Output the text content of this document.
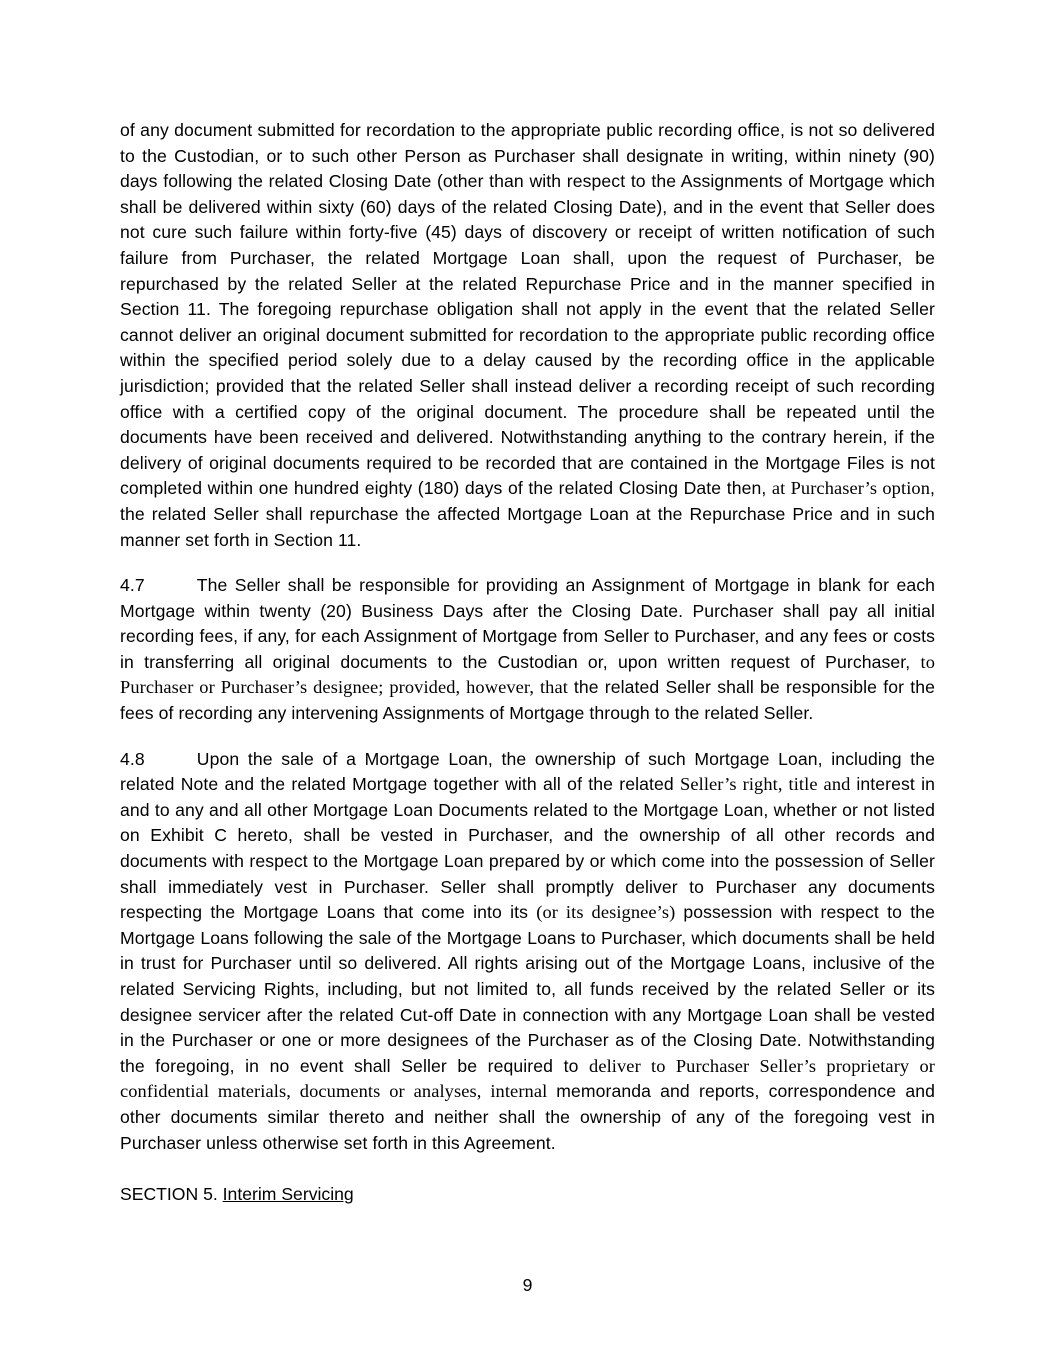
of any document submitted for recordation to the appropriate public recording office, is not so delivered to the Custodian, or to such other Person as Purchaser shall designate in writing, within ninety (90) days following the related Closing Date (other than with respect to the Assignments of Mortgage which shall be delivered within sixty (60) days of the related Closing Date), and in the event that Seller does not cure such failure within forty-five (45) days of discovery or receipt of written notification of such failure from Purchaser, the related Mortgage Loan shall, upon the request of Purchaser, be repurchased by the related Seller at the related Repurchase Price and in the manner specified in Section 11. The foregoing repurchase obligation shall not apply in the event that the related Seller cannot deliver an original document submitted for recordation to the appropriate public recording office within the specified period solely due to a delay caused by the recording office in the applicable jurisdiction; provided that the related Seller shall instead deliver a recording receipt of such recording office with a certified copy of the original document. The procedure shall be repeated until the documents have been received and delivered. Notwithstanding anything to the contrary herein, if the delivery of original documents required to be recorded that are contained in the Mortgage Files is not completed within one hundred eighty (180) days of the related Closing Date then, at Purchaser’s option, the related Seller shall repurchase the affected Mortgage Loan at the Repurchase Price and in such manner set forth in Section 11.

4.7	The Seller shall be responsible for providing an Assignment of Mortgage in blank for each Mortgage within twenty (20) Business Days after the Closing Date. Purchaser shall pay all initial recording fees, if any, for each Assignment of Mortgage from Seller to Purchaser, and any fees or costs in transferring all original documents to the Custodian or, upon written request of Purchaser, to Purchaser or Purchaser’s designee; provided, however, that the related Seller shall be responsible for the fees of recording any intervening Assignments of Mortgage through to the related Seller.

4.8	Upon the sale of a Mortgage Loan, the ownership of such Mortgage Loan, including the related Note and the related Mortgage together with all of the related Seller’s right, title and interest in and to any and all other Mortgage Loan Documents related to the Mortgage Loan, whether or not listed on Exhibit C hereto, shall be vested in Purchaser, and the ownership of all other records and documents with respect to the Mortgage Loan prepared by or which come into the possession of Seller shall immediately vest in Purchaser. Seller shall promptly deliver to Purchaser any documents respecting the Mortgage Loans that come into its (or its designee’s) possession with respect to the Mortgage Loans following the sale of the Mortgage Loans to Purchaser, which documents shall be held in trust for Purchaser until so delivered. All rights arising out of the Mortgage Loans, inclusive of the related Servicing Rights, including, but not limited to, all funds received by the related Seller or its designee servicer after the related Cut-off Date in connection with any Mortgage Loan shall be vested in the Purchaser or one or more designees of the Purchaser as of the Closing Date. Notwithstanding the foregoing, in no event shall Seller be required to deliver to Purchaser Seller’s proprietary or confidential materials, documents or analyses, internal memoranda and reports, correspondence and other documents similar thereto and neither shall the ownership of any of the foregoing vest in Purchaser unless otherwise set forth in this Agreement.

SECTION 5. Interim Servicing

9
